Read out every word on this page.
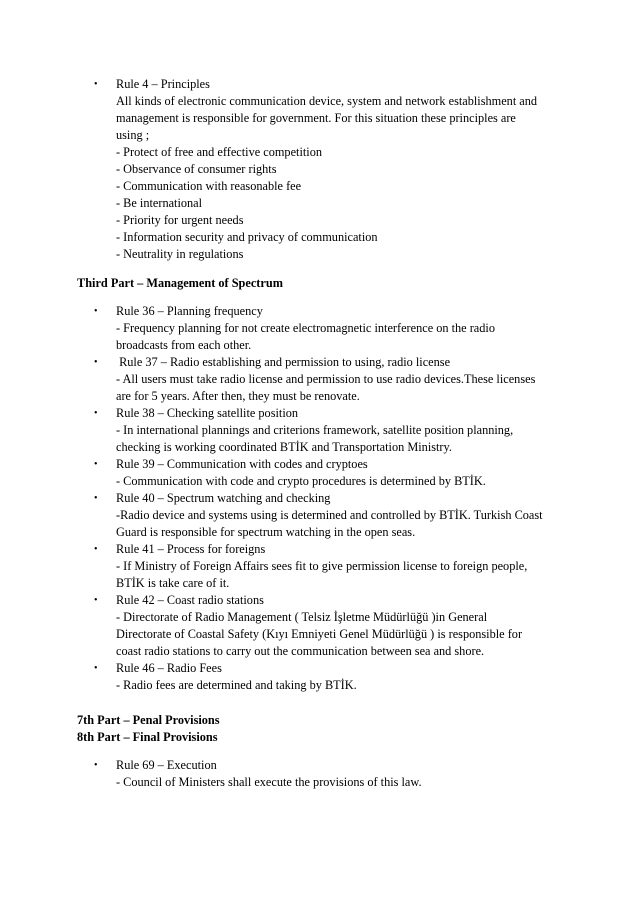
• Rule 4 – Principles
All kinds of electronic communication device, system and network establishment and
management is responsible for government. For this situation these principles are
using ;
- Protect of free and effective competition
- Observance of consumer rights
- Communication with reasonable fee
- Be international
- Priority for urgent needs
- Information security and privacy of communication
- Neutrality in regulations
Third Part – Management of Spectrum
• Rule 36 – Planning frequency
- Frequency planning for not create electromagnetic interference on the radio
broadcasts from each other.
• Rule 37 – Radio establishing and permission to using, radio license
- All users must take radio license and permission to use radio devices.These licenses
are for 5 years. After then, they must be renovate.
• Rule 38 – Checking satellite position
- In international plannings and criterions framework, satellite position planning,
checking is working coordinated BTİK and Transportation Ministry.
• Rule 39 – Communication with codes and cryptoes
- Communication with code and crypto procedures is determined by BTİK.
• Rule 40 – Spectrum watching and checking
-Radio device and systems using is determined and controlled by BTİK. Turkish Coast
Guard is responsible for spectrum watching in the open seas.
• Rule 41 – Process for foreigns
- If Ministry of Foreign Affairs sees fit to give permission license to foreign people,
BTİK is take care of it.
• Rule 42 – Coast radio stations
- Directorate of Radio Management ( Telsiz İşletme Müdürlüğü )in General
Directorate of Coastal Safety (Kıyı Emniyeti Genel Müdürlüğü ) is responsible for
coast radio stations to carry out the communication between sea and shore.
• Rule 46 – Radio Fees
- Radio fees are determined and taking by BTİK.
7th Part – Penal Provisions
8th Part – Final Provisions
• Rule 69 – Execution
- Council of Ministers shall execute the provisions of this law.
